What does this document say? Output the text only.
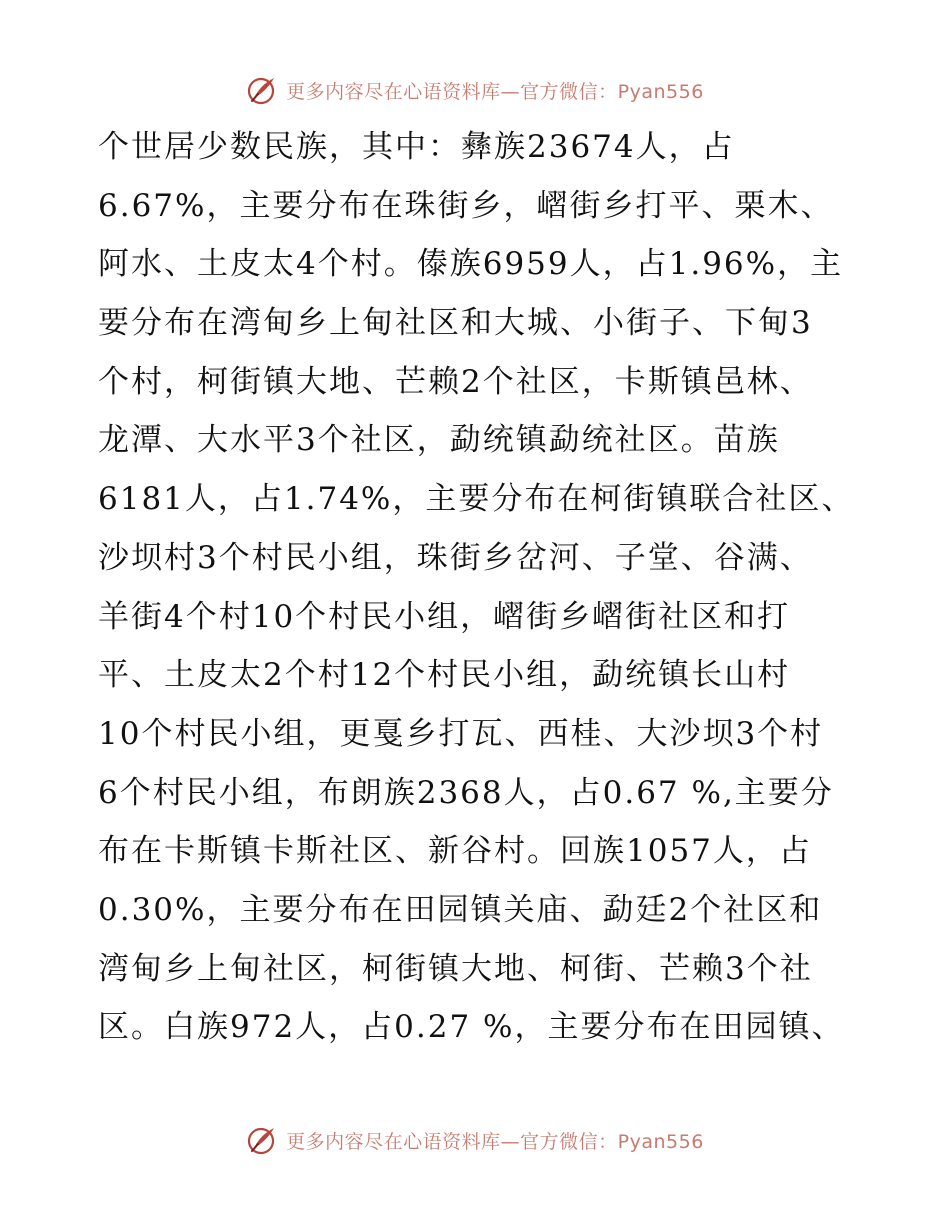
更多内容尽在心语资料库—官方微信：Pyan556
个世居少数民族，其中：彝族23674人，占
6.67%，主要分布在珠街乡，嶍街乡打平、栗木、
阿水、土皮太4个村。傣族6959人，占1.96%，主
要分布在湾甸乡上甸社区和大城、小街子、下甸3
个村，柯街镇大地、芒赖2个社区，卡斯镇邑林、
龙潭、大水平3个社区，勐统镇勐统社区。苗族
6181人，占1.74%，主要分布在柯街镇联合社区、
沙坝村3个村民小组，珠街乡岔河、子堂、谷满、
羊街4个村10个村民小组，嶍街乡嶍街社区和打
平、土皮太2个村12个村民小组，勐统镇长山村
10个村民小组，更戛乡打瓦、西桂、大沙坝3个村
6个村民小组，布朗族2368人，占0.67 %,主要分
布在卡斯镇卡斯社区、新谷村。回族1057人，占
0.30%，主要分布在田园镇关庙、勐廷2个社区和
湾甸乡上甸社区，柯街镇大地、柯街、芒赖3个社
区。白族972人，占0.27 %，主要分布在田园镇、
更多内容尽在心语资料库—官方微信：Pyan556
